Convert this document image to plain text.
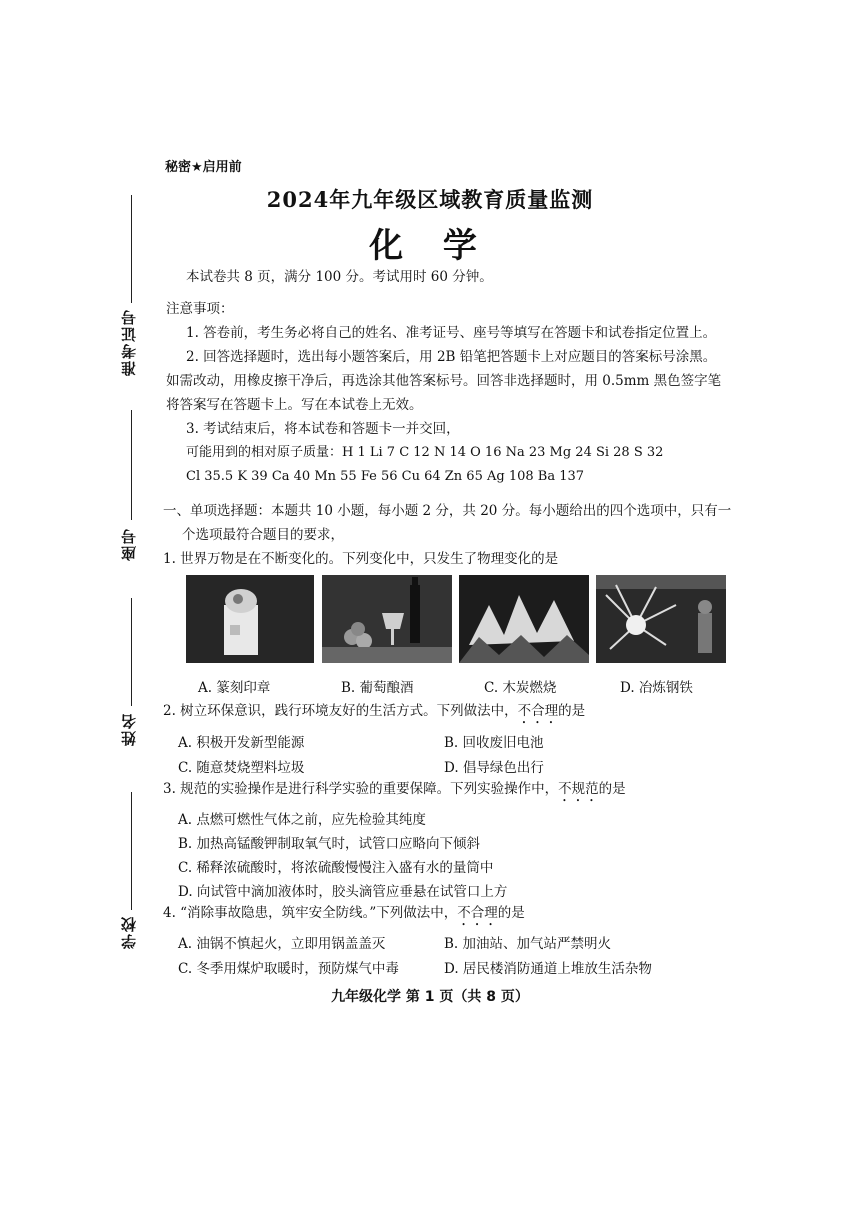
准考证号
座号
姓名
学校
秘密★启用前
2024年九年级区域教育质量监测
化 学
本试卷共 8 页，满分 100 分。考试用时 60 分钟。
注意事项：
1. 答卷前，考生务必将自己的姓名、准考证号、座号等填写在答题卡和试卷指定位置上。
2. 回答选择题时，选出每小题答案后，用 2B 铅笔把答题卡上对应题目的答案标号涂黑。
如需改动，用橡皮擦干净后，再选涂其他答案标号。回答非选择题时，用 0.5mm 黑色签字笔
将答案写在答题卡上。写在本试卷上无效。
3. 考试结束后，将本试卷和答题卡一并交回，
可能用到的相对原子质量：H 1 Li 7 C 12 N 14 O 16 Na 23 Mg 24 Si 28 S 32
Cl 35.5 K 39 Ca 40 Mn 55 Fe 56 Cu 64 Zn 65 Ag 108 Ba 137
一、单项选择题：本题共 10 小题，每小题 2 分，共 20 分。每小题给出的四个选项中，只有一
个选项最符合题目的要求，
1. 世界万物是在不断变化的。下列变化中，只发生了物理变化的是
A. 篆刻印章	B. 葡萄酿酒	C. 木炭燃烧	D. 冶炼钢铁
2. 树立环保意识，践行环境友好的生活方式。下列做法中，不合理的是
A. 积极开发新型能源	B. 回收废旧电池
C. 随意焚烧塑料垃圾	D. 倡导绿色出行
3. 规范的实验操作是进行科学实验的重要保障。下列实验操作中，不规范的是
A. 点燃可燃性气体之前，应先检验其纯度
B. 加热高锰酸钾制取氧气时，试管口应略向下倾斜
C. 稀释浓硫酸时，将浓硫酸慢慢注入盛有水的量筒中
D. 向试管中滴加液体时，胶头滴管应垂悬在试管口上方
4. “消除事故隐患，筑牢安全防线。”下列做法中，不合理的是
A. 油锅不慎起火，立即用锅盖盖灭	B. 加油站、加气站严禁明火
C. 冬季用煤炉取暖时，预防煤气中毒	D. 居民楼消防通道上堆放生活杂物
九年级化学 第 1 页（共 8 页）
